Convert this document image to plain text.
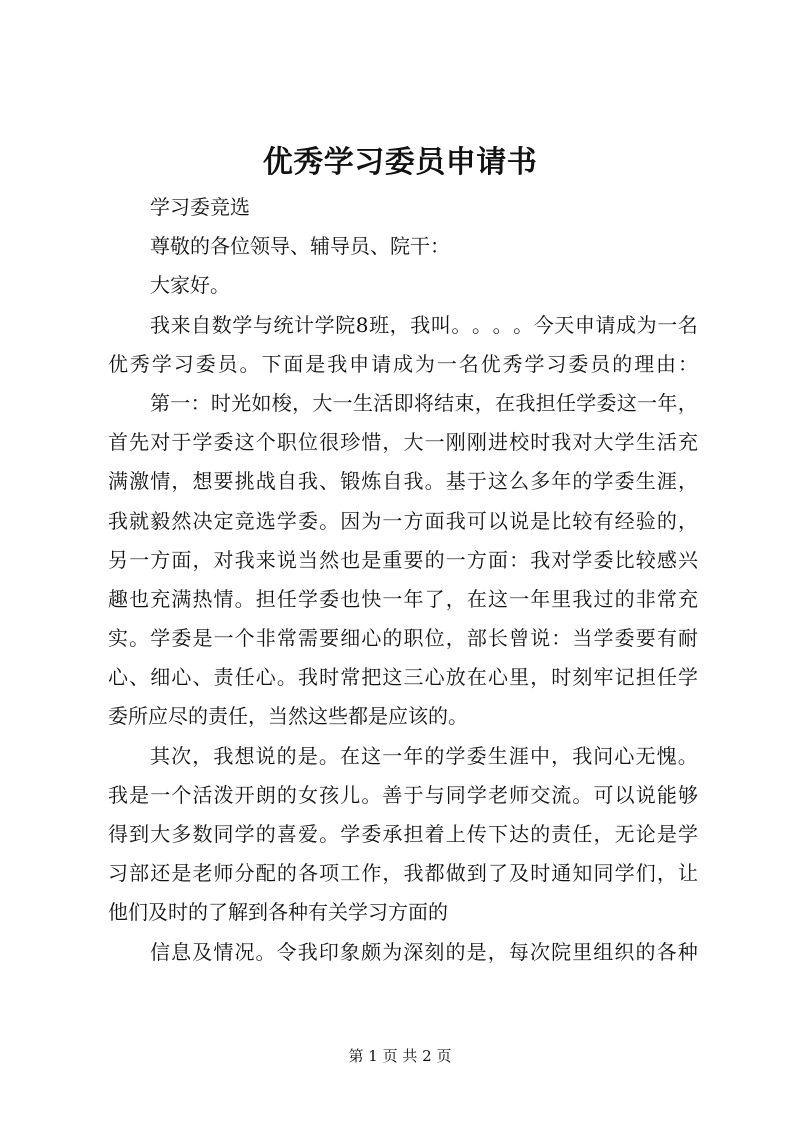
优秀学习委员申请书
学习委竞选
尊敬的各位领导、辅导员、院干：
大家好。
我 来 自 数 学 与 统 计 学 院 8 班 ， 我 叫 。 。 。 。 今 天 申 请 成 为 一 名
优 秀 学 习 委 员 。 下 面 是 我 申 请 成 为 一 名 优 秀 学 习 委 员 的 理 由 ：
第 一 ： 时 光 如 梭 ， 大 一 生 活 即 将 结 束 ， 在 我 担 任 学 委 这 一 年 ，
首 先 对 于 学 委 这 个 职 位 很 珍 惜 ， 大 一 刚 刚 进 校 时 我 对 大 学 生 活 充
满 激 情 ， 想 要 挑 战 自 我 、 锻 炼 自 我 。 基 于 这 么 多 年 的 学 委 生 涯 ，
我 就 毅 然 决 定 竞 选 学 委 。 因 为 一 方 面 我 可 以 说 是 比 较 有 经 验 的 ，
另 一 方 面 ， 对 我 来 说 当 然 也 是 重 要 的 一 方 面 ： 我 对 学 委 比 较 感 兴
趣 也 充 满 热 情 。 担 任 学 委 也 快 一 年 了 ， 在 这 一 年 里 我 过 的 非 常 充
实 。 学 委 是 一 个 非 常 需 要 细 心 的 职 位 ， 部 长 曾 说 ： 当 学 委 要 有 耐
心 、 细 心 、 责 任 心 。 我 时 常 把 这 三 心 放 在 心 里 ， 时 刻 牢 记 担 任 学
委所应尽的责任，当然这些都是应该的。
其 次 ， 我 想 说 的 是 。 在 这 一 年 的 学 委 生 涯 中 ， 我 问 心 无 愧 。
我 是 一 个 活 泼 开 朗 的 女 孩 儿 。 善 于 与 同 学 老 师 交 流 。 可 以 说 能 够
得 到 大 多 数 同 学 的 喜 爱 。 学 委 承 担 着 上 传 下 达 的 责 任 ， 无 论 是 学
习 部 还 是 老 师 分 配 的 各 项 工 作 ， 我 都 做 到 了 及 时 通 知 同 学 们 ， 让
他们及时的了解到各种有关学习方面的
信 息 及 情 况 。 令 我 印 象 颇 为 深 刻 的 是 ， 每 次 院 里 组 织 的 各 种
第 1 页 共 2 页
